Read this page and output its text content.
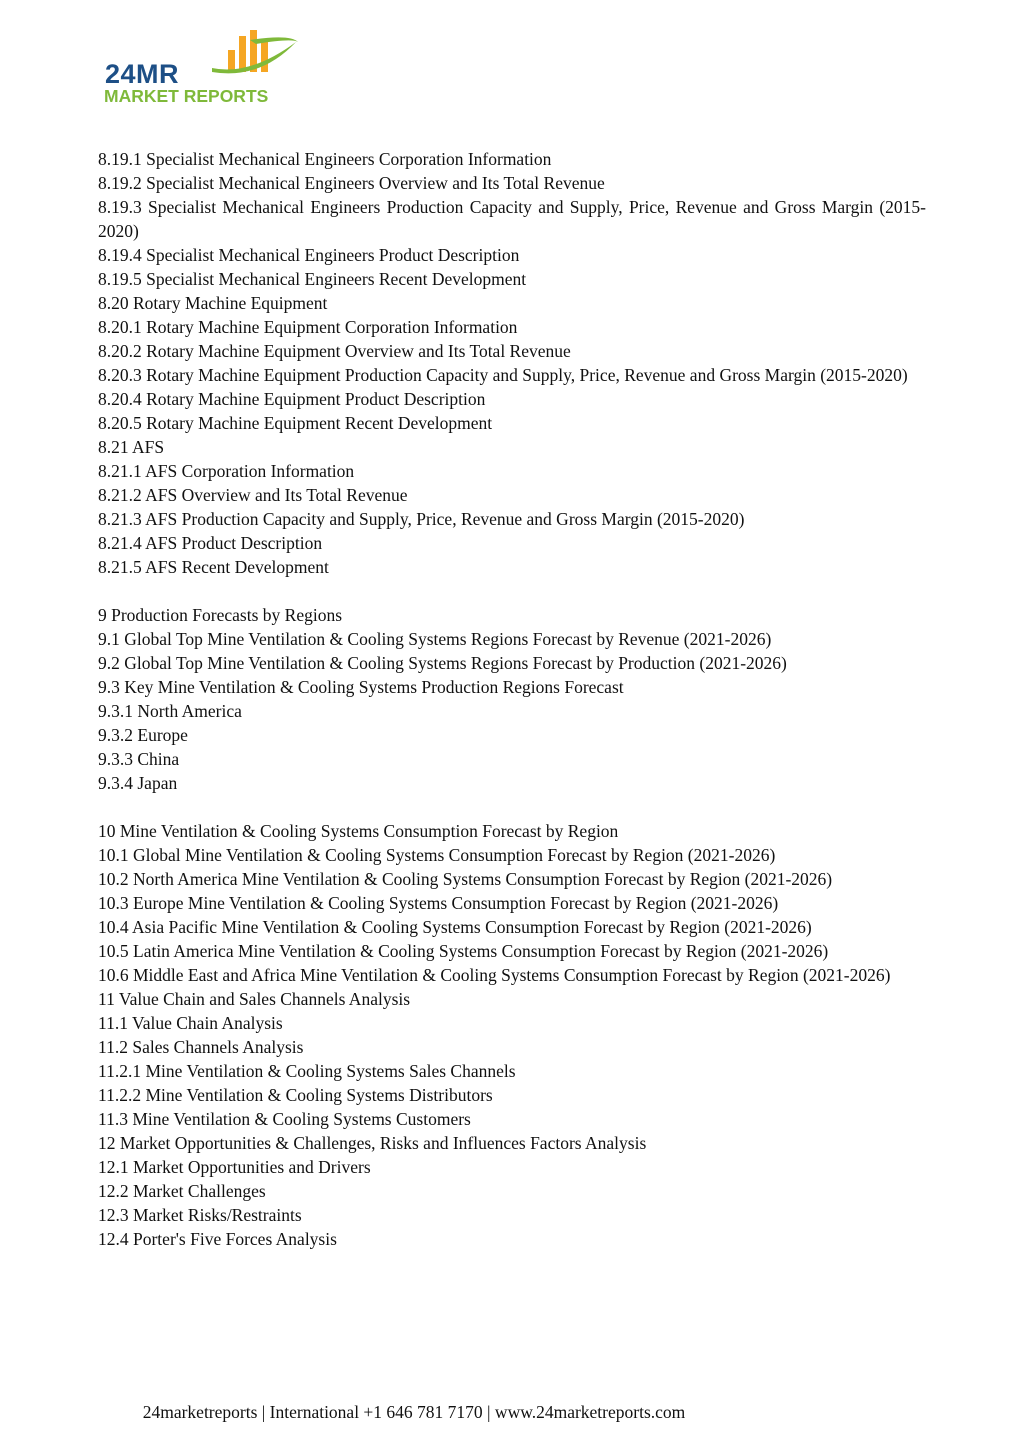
24MR
MARKET REPORTS

8.19.1 Specialist Mechanical Engineers Corporation Information

8.19.2 Specialist Mechanical Engineers Overview and Its Total Revenue

8.19.3 Specialist Mechanical Engineers Production Capacity and Supply, Price, Revenue and Gross Margin (2015-2020)

8.19.4 Specialist Mechanical Engineers Product Description

8.19.5 Specialist Mechanical Engineers Recent Development

8.20 Rotary Machine Equipment

8.20.1 Rotary Machine Equipment Corporation Information

8.20.2 Rotary Machine Equipment Overview and Its Total Revenue

8.20.3 Rotary Machine Equipment Production Capacity and Supply, Price, Revenue and Gross Margin (2015-2020)

8.20.4 Rotary Machine Equipment Product Description

8.20.5 Rotary Machine Equipment Recent Development

8.21 AFS

8.21.1 AFS Corporation Information

8.21.2 AFS Overview and Its Total Revenue

8.21.3 AFS Production Capacity and Supply, Price, Revenue and Gross Margin (2015-2020)

8.21.4 AFS Product Description

8.21.5 AFS Recent Development

9 Production Forecasts by Regions

9.1 Global Top Mine Ventilation & Cooling Systems Regions Forecast by Revenue (2021-2026)

9.2 Global Top Mine Ventilation & Cooling Systems Regions Forecast by Production (2021-2026)

9.3 Key Mine Ventilation & Cooling Systems Production Regions Forecast

9.3.1 North America

9.3.2 Europe

9.3.3 China

9.3.4 Japan

10 Mine Ventilation & Cooling Systems Consumption Forecast by Region

10.1 Global Mine Ventilation & Cooling Systems Consumption Forecast by Region (2021-2026)

10.2 North America Mine Ventilation & Cooling Systems Consumption Forecast by Region (2021-2026)

10.3 Europe Mine Ventilation & Cooling Systems Consumption Forecast by Region (2021-2026)

10.4 Asia Pacific Mine Ventilation & Cooling Systems Consumption Forecast by Region (2021-2026)

10.5 Latin America Mine Ventilation & Cooling Systems Consumption Forecast by Region (2021-2026)

10.6 Middle East and Africa Mine Ventilation & Cooling Systems Consumption Forecast by Region (2021-2026)

11 Value Chain and Sales Channels Analysis

11.1 Value Chain Analysis

11.2 Sales Channels Analysis

11.2.1 Mine Ventilation & Cooling Systems Sales Channels

11.2.2 Mine Ventilation & Cooling Systems Distributors

11.3 Mine Ventilation & Cooling Systems Customers

12 Market Opportunities & Challenges, Risks and Influences Factors Analysis

12.1 Market Opportunities and Drivers

12.2 Market Challenges

12.3 Market Risks/Restraints

12.4 Porter's Five Forces Analysis

24marketreports | International +1 646 781 7170 | www.24marketreports.com
